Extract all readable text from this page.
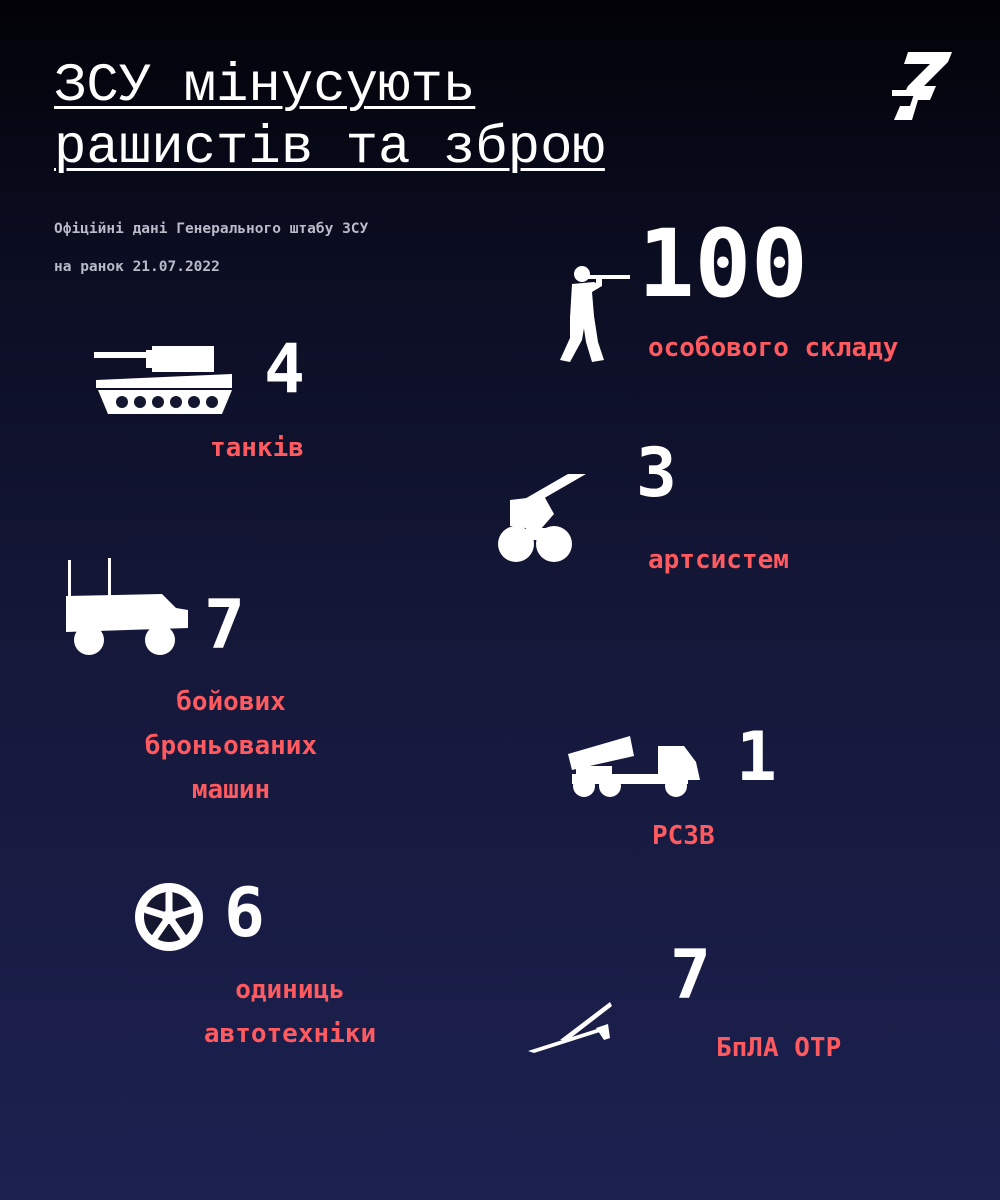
ЗСУ мінусують
рашистів та зброю

Офіційні дані Генерального штабу ЗСУ

на ранок 21.07.2022	100
особового складу
4
танків	3
артсистем
7
бойових
броньованих
машин	1
РСЗВ
6
одиниць
автотехніки
7
БпЛА ОТР
